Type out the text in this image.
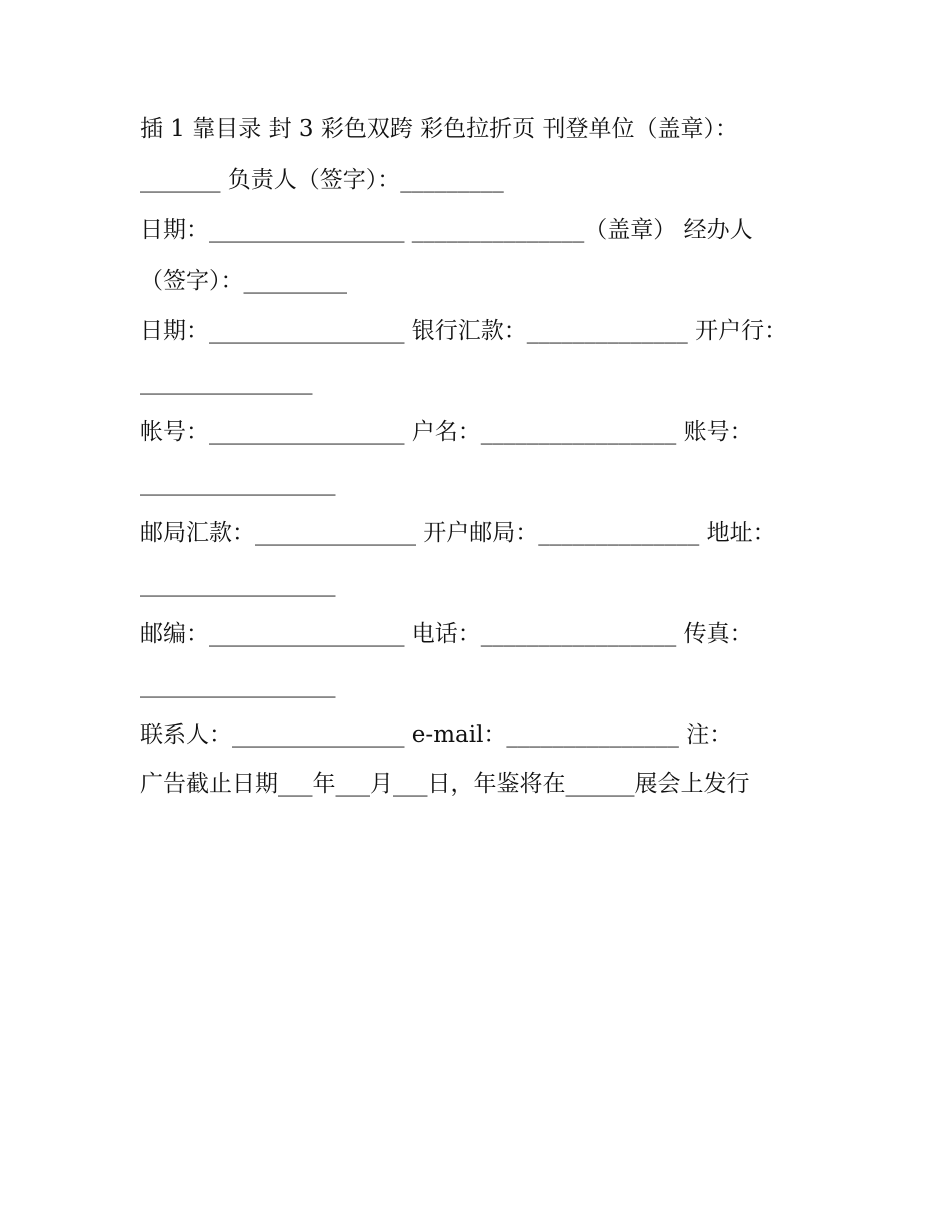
插 1 靠目录 封 3 彩色双跨 彩色拉折页 刊登单位（盖章）：
_______ 负责人（签字）：_________
日期：_________________ _______________（盖章） 经办人
（签字）：_________
日期：_________________ 银行汇款：______________ 开户行：
_______________
帐号：_________________ 户名：_________________ 账号：
_________________
邮局汇款：______________ 开户邮局：______________ 地址：
_________________
邮编：_________________ 电话：_________________ 传真：
_________________
联系人：_______________ e-mail：_______________ 注：
广告截止日期___年___月___日，年鉴将在______展会上发行
